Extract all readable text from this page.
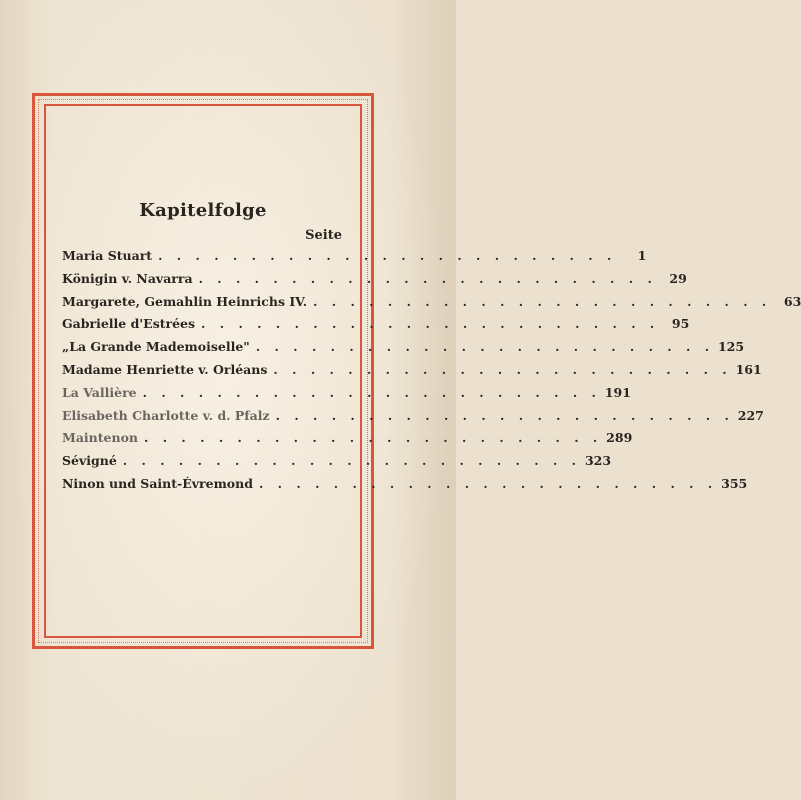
Kapitelfolge
Seite
Maria Stuart . . . . . . . . . . . . . . . . . . . . . . . . .	1
Königin v. Navarra . . . . . . . . . . . . . . . . . . . . . . . . .	29
Margarete, Gemahlin Heinrichs IV. . . . . . . . . . . . . . . . . . . . . . . . . .	63
Gabrielle d'Estrées . . . . . . . . . . . . . . . . . . . . . . . . .	95
„La Grande Mademoiselle" . . . . . . . . . . . . . . . . . . . . . . . . . 125
Madame Henriette v. Orléans . . . . . . . . . . . . . . . . . . . . . . . . . 161
La Vallière . . . . . . . . . . . . . . . . . . . . . . . . . 191
Elisabeth Charlotte v. d. Pfalz . . . . . . . . . . . . . . . . . . . . . . . . . 227
Maintenon . . . . . . . . . . . . . . . . . . . . . . . . . 289
Sévigné . . . . . . . . . . . . . . . . . . . . . . . . . 323
Ninon und Saint-Évremond . . . . . . . . . . . . . . . . . . . . . . . . . 355
